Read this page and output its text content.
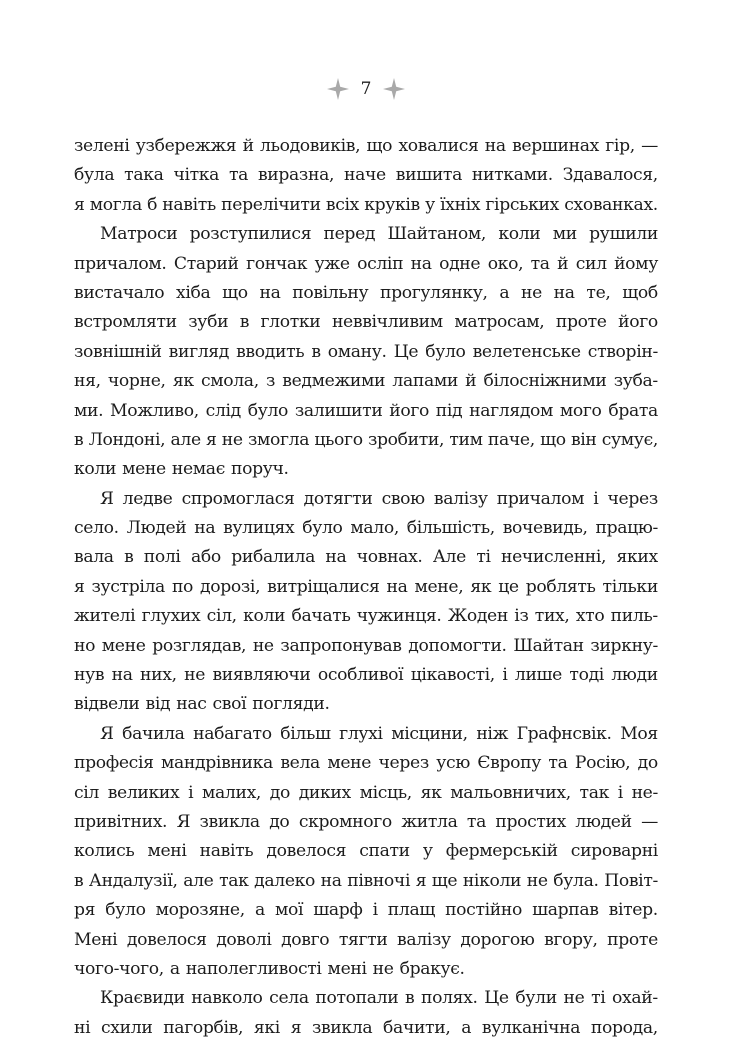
7
зелені узбережжя й льодовиків, що ховалися на вершинах гір, —
була така чітка та виразна, наче вишита нитками. Здавалося,
я могла б навіть перелічити всіх круків у їхніх гірських схованках.
Матроси розступилися перед Шайтаном, коли ми рушили
причалом. Старий гончак уже осліп на одне око, та й сил йому
вистачало хіба що на повільну прогулянку, а не на те, щоб
встромляти зуби в глотки неввічливим матросам, проте його
зовнішній вигляд вводить в оману. Це було велетенське створін-
ня, чорне, як смола, з ведмежими лапами й білосніжними зуба-
ми. Можливо, слід було залишити його під наглядом мого брата
в Лондоні, але я не змогла цього зробити, тим паче, що він сумує,
коли мене немає поруч.
Я ледве спромоглася дотягти свою валізу причалом і через
село. Людей на вулицях було мало, більшість, вочевидь, працю-
вала в полі або рибалила на човнах. Але ті нечисленні, яких
я зустріла по дорозі, витріщалися на мене, як це роблять тільки
жителі глухих сіл, коли бачать чужинця. Жоден із тих, хто пиль-
но мене розглядав, не запропонував допомогти. Шайтан зиркну-
нув на них, не виявляючи особливої цікавості, і лише тоді люди
відвели від нас свої погляди.
Я бачила набагато більш глухі місцини, ніж Графнсвік. Моя
професія мандрівника вела мене через усю Європу та Росію, до
сіл великих і малих, до диких місць, як мальовничих, так і не-
привітних. Я звикла до скромного житла та простих людей —
колись мені навіть довелося спати у фермерській сироварні
в Андалузії, але так далеко на півночі я ще ніколи не була. Повіт-
ря було морозяне, а мої шарф і плащ постійно шарпав вітер.
Мені довелося доволі довго тягти валізу дорогою вгору, проте
чого-чого, а наполегливості мені не бракує.
Краєвиди навколо села потопали в полях. Це були не ті охай-
ні схили пагорбів, які я звикла бачити, а вулканічна порода,
